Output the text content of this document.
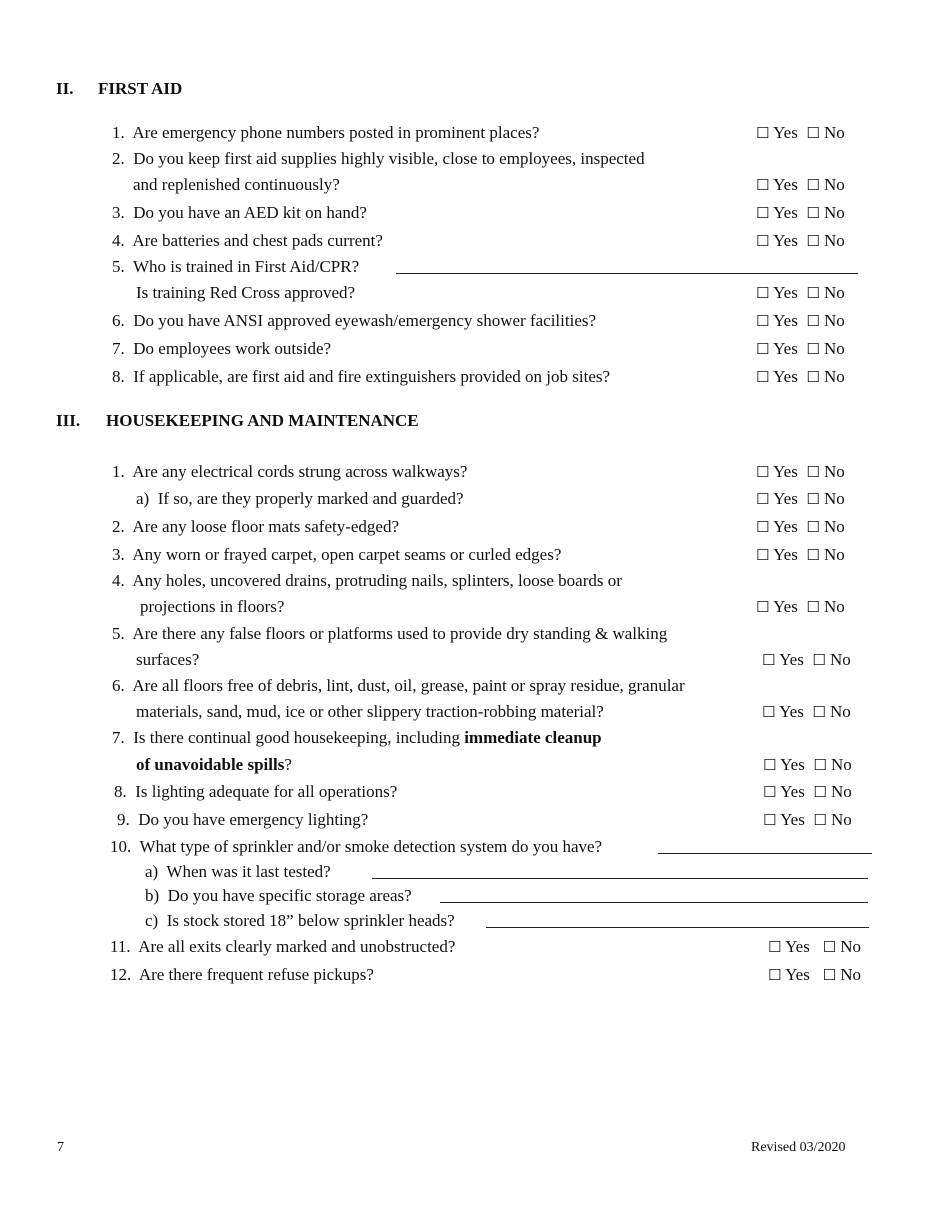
II. FIRST AID
1. Are emergency phone numbers posted in prominent places?	☐ Yes ☐ No
2. Do you keep first aid supplies highly visible, close to employees, inspected
and replenished continuously?	☐ Yes ☐ No
3. Do you have an AED kit on hand?	☐ Yes ☐ No
4. Are batteries and chest pads current?	☐ Yes ☐ No
5. Who is trained in First Aid/CPR?
Is training Red Cross approved?	☐ Yes ☐ No
6. Do you have ANSI approved eyewash/emergency shower facilities?	☐ Yes ☐ No
7. Do employees work outside?	☐ Yes ☐ No
8. If applicable, are first aid and fire extinguishers provided on job sites?	☐ Yes ☐ No
III. HOUSEKEEPING AND MAINTENANCE
1. Are any electrical cords strung across walkways?	☐ Yes ☐ No
a) If so, are they properly marked and guarded?	☐ Yes ☐ No
2. Are any loose floor mats safety-edged?	☐ Yes ☐ No
3. Any worn or frayed carpet, open carpet seams or curled edges?	☐ Yes ☐ No
4. Any holes, uncovered drains, protruding nails, splinters, loose boards or
projections in floors?	☐ Yes ☐ No
5. Are there any false floors or platforms used to provide dry standing & walking
surfaces?	☐ Yes ☐ No
6. Are all floors free of debris, lint, dust, oil, grease, paint or spray residue, granular
materials, sand, mud, ice or other slippery traction-robbing material?	☐ Yes ☐ No
7. Is there continual good housekeeping, including immediate cleanup
of unavoidable spills?	☐ Yes ☐ No
8. Is lighting adequate for all operations?	☐ Yes ☐ No
9. Do you have emergency lighting?	☐ Yes ☐ No
10. What type of sprinkler and/or smoke detection system do you have?
a) When was it last tested?
b) Do you have specific storage areas?
c) Is stock stored 18” below sprinkler heads?
11. Are all exits clearly marked and unobstructed?	☐ Yes ☐ No
12. Are there frequent refuse pickups?	☐ Yes ☐ No
7	Revised 03/2020
